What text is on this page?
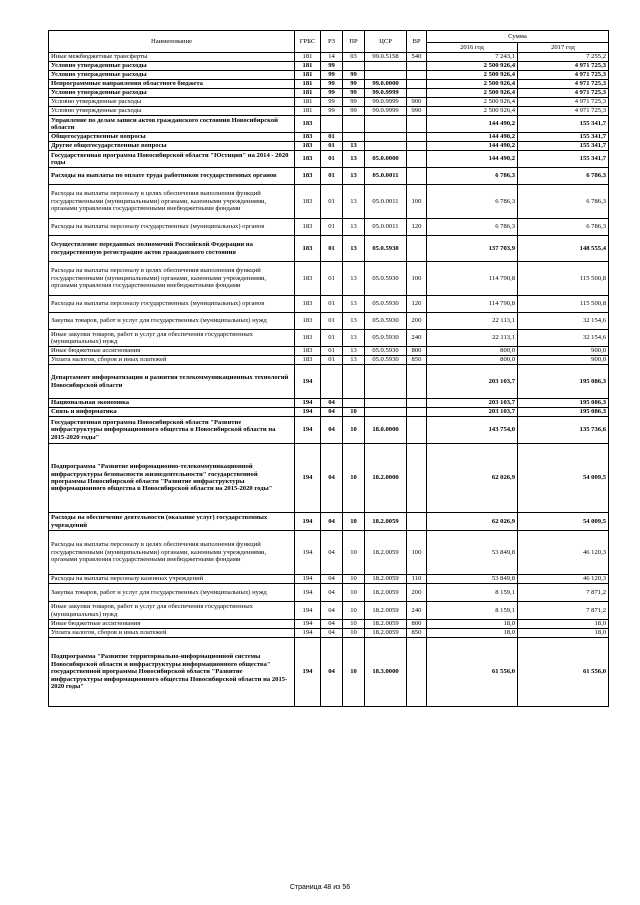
Наименование	ГРБС	РЗ	ПР	ЦСР	ВР	Сумма	
						2016 год	2017 год
Иные межбюджетные трансферты	181	14	03	99.0.5158	540	7 243,1	7 255,2
Условно утвержденные расходы	181	99				2 500 926,4	4 971 725,3
Условно утвержденные расходы	181	99	99			2 500 926,4	4 971 725,3
Непрограммные направления областного бюджета	181	99	99	99.0.0000		2 500 926,4	4 971 725,3
Условно утвержденные расходы	181	99	99	99.0.9999		2 500 926,4	4 971 725,3
Условно утвержденные расходы	181	99	99	99.0.9999	900	2 500 926,4	4 971 725,3
Условно утвержденные расходы	181	99	99	99.0.9999	990	2 500 926,4	4 971 725,3
Управление по делам записи актов гражданского состояния Новосибирской области	183					144 490,2	155 341,7
Общегосударственные вопросы	183	01				144 490,2	155 341,7
Другие общегосударственные вопросы	183	01	13			144 490,2	155 341,7
Государственная программа Новосибирской области "Юстиция" на 2014 - 2020 годы	183	01	13	05.0.0000		144 490,2	155 341,7
Расходы на выплаты по оплате труда работников государственных органов	183	01	13	05.0.0011		6 786,3	6 786,3
Расходы на выплаты персоналу в целях обеспечения выполнения функций государственными (муниципальными) органами, казенными учреждениями, органами управления государственными внебюджетными фондами	183	01	13	05.0.0011	100	6 786,3	6 786,3
Расходы на выплаты персоналу государственных (муниципальных) органов	183	01	13	05.0.0011	120	6 786,3	6 786,3
Осуществление переданных полномочий Российской Федерации на государственную регистрацию актов гражданского состояния	183	01	13	05.0.5930		137 703,9	148 555,4
Расходы на выплаты персоналу в целях обеспечения выполнения функций государственными (муниципальными) органами, казенными учреждениями, органами управления государственными внебюджетными фондами	183	01	13	05.0.5930	100	114 790,8	115 500,8
Расходы на выплаты персоналу государственных (муниципальных) органов	183	01	13	05.0.5930	120	114 790,8	115 500,8
Закупка товаров, работ и услуг для государственных (муниципальных) нужд	183	01	13	05.0.5930	200	22 113,1	32 154,6
Иные закупки товаров, работ и услуг для обеспечения государственных (муниципальных) нужд	183	01	13	05.0.5930	240	22 113,1	32 154,6
Иные бюджетные ассигнования	183	01	13	05.0.5930	800	800,0	900,0
Уплата налогов, сборов и иных платежей	183	01	13	05.0.5930	850	800,0	900,0
Департамент информатизации и развития телекоммуникационных технологий Новосибирской области	194					203 103,7	195 086,3
Национальная экономика	194	04				203 103,7	195 086,3
Связь и информатика	194	04	10			203 103,7	195 086,3
Государственная программа Новосибирской области "Развитие инфраструктуры информационного общества в Новосибирской области на 2015-2020 годы"	194	04	10	18.0.0000		143 754,0	135 736,6
Подпрограмма "Развитие информационно-телекоммуникационной инфраструктуры безопасности жизнедеятельности" государственной программы Новосибирской области "Развитие инфраструктуры информационного общества в Новосибирской области на 2015-2020 годы"	194	04	10	18.2.0000		62 026,9	54 009,5
Расходы на обеспечение деятельности (оказание услуг) государственных учреждений	194	04	10	18.2.0059		62 026,9	54 009,5
Расходы на выплаты персоналу в целях обеспечения выполнения функций государственными (муниципальными) органами, казенными учреждениями, органами управления государственными внебюджетными фондами	194	04	10	18.2.0059	100	53 849,8	46 120,3
Расходы на выплаты персоналу казенных учреждений	194	04	10	18.2.0059	110	53 849,8	46 120,3
Закупка товаров, работ и услуг для государственных (муниципальных) нужд	194	04	10	18.2.0059	200	8 159,1	7 871,2
Иные закупки товаров, работ и услуг для обеспечения государственных (муниципальных) нужд	194	04	10	18.2.0059	240	8 159,1	7 871,2
Иные бюджетные ассигнования	194	04	10	18.2.0059	800	18,0	18,0
Уплата налогов, сборов и иных платежей	194	04	10	18.2.0059	850	18,0	18,0
Подпрограмма "Развитие территориально-информационной системы Новосибирской области и инфраструктуры информационного общества" государственной программы Новосибирской области "Развитие инфраструктуры информационного общества Новосибирской области на 2015-2020 годы"	194	04	10	18.3.0000		61 556,0	61 556,0
Страница 48 из 56
